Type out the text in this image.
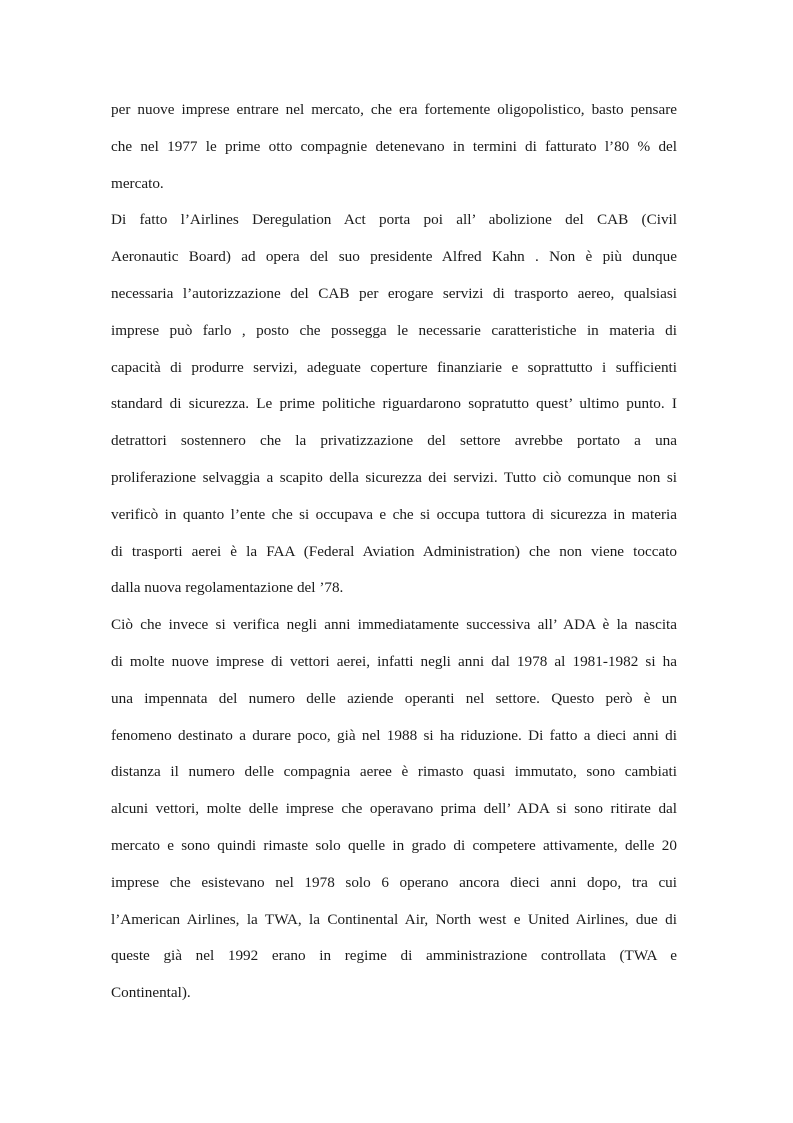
per nuove imprese entrare nel mercato, che era fortemente oligopolistico, basto pensare
che nel 1977 le prime otto compagnie detenevano in termini di fatturato l’80 % del
mercato.
Di fatto l’Airlines Deregulation Act porta poi all’ abolizione del CAB (Civil
Aeronautic Board) ad opera del suo presidente Alfred Kahn . Non è più dunque
necessaria l’autorizzazione del CAB per erogare servizi di trasporto aereo, qualsiasi
imprese può farlo , posto che possegga le necessarie caratteristiche in materia di
capacità di produrre servizi, adeguate coperture finanziarie e soprattutto i sufficienti
standard di sicurezza. Le prime politiche riguardarono sopratutto quest’ ultimo punto. I
detrattori sostennero che la privatizzazione del settore avrebbe portato a una
proliferazione selvaggia a scapito della sicurezza dei servizi. Tutto ciò comunque non si
verificò in quanto l’ente che si occupava e che si occupa tuttora di sicurezza in materia
di trasporti aerei è la FAA (Federal Aviation Administration) che non viene toccato
dalla nuova regolamentazione del ’78.
Ciò che invece si verifica negli anni immediatamente successiva all’ ADA è la nascita
di molte nuove imprese di vettori aerei, infatti negli anni dal 1978 al 1981-1982 si ha
una impennata del numero delle aziende operanti nel settore. Questo però è un
fenomeno destinato a durare poco, già nel 1988 si ha riduzione. Di fatto a dieci anni di
distanza il numero delle compagnia aeree è rimasto quasi immutato, sono cambiati
alcuni vettori, molte delle imprese che operavano prima dell’ ADA si sono ritirate dal
mercato e sono quindi rimaste solo quelle in grado di competere attivamente, delle 20
imprese che esistevano nel 1978 solo 6 operano ancora dieci anni dopo, tra cui
l’American Airlines, la TWA, la Continental Air, North west e United Airlines, due di
queste già nel 1992 erano in regime di amministrazione controllata (TWA e
Continental).
